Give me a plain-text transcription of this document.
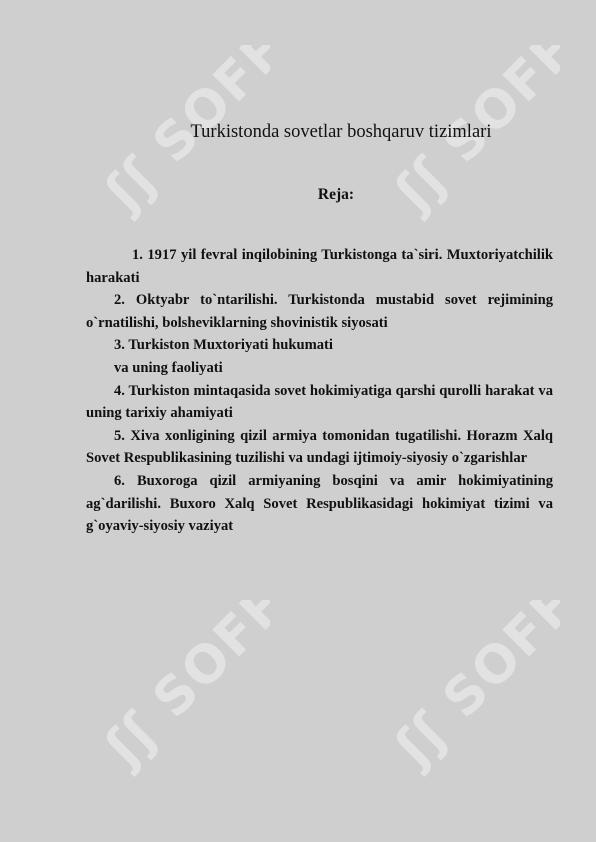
ʃʃ SOFF
ʃʃ SOFF
ʃʃ SOFF
ʃʃ SOFF
Turkistonda sovetlar boshqaruv tizimlari
Reja:
1. 1917 yil fevral inqilobining Turkistonga ta`siri. Muxtoriyatchilik harakati
2. Oktyabr to`ntarilishi. Turkistonda mustabid sovet rejimining o`rnatilishi, bolsheviklarning shovinistik siyosati
3. Turkiston Muxtoriyati hukumati
va uning faoliyati
4. Turkiston mintaqasida sovet hokimiyatiga qarshi qurolli harakat va uning tarixiy ahamiyati
5. Xiva xonligining qizil armiya tomonidan tugatilishi. Horazm Xalq Sovet Respublikasining tuzilishi va undagi ijtimoiy-siyosiy o`zgarishlar
6. Buxoroga qizil armiyaning bosqini va amir hokimiyatining ag`darilishi. Buxoro Xalq Sovet Respublikasidagi hokimiyat tizimi va g`oyaviy-siyosiy vaziyat
